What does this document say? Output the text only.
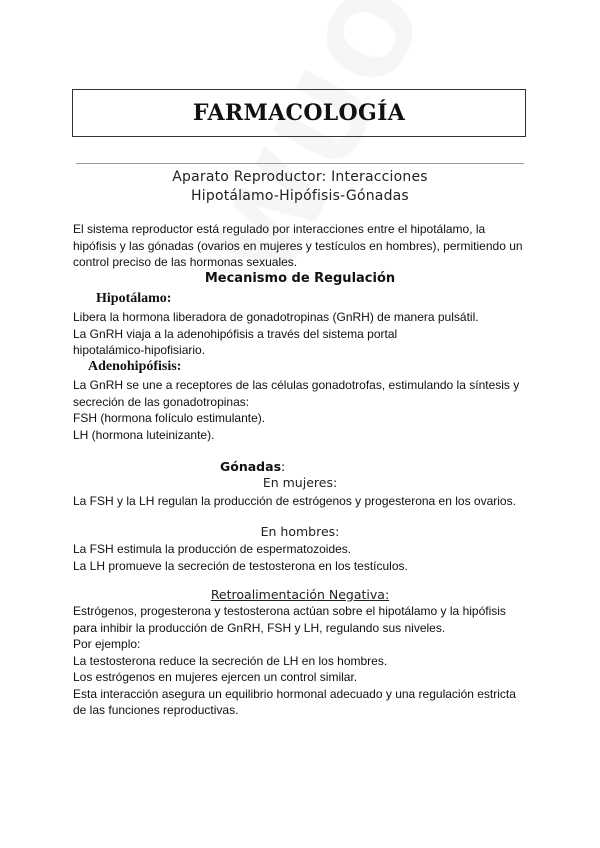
FARMACOLOGÍA
Aparato Reproductor: Interacciones
Hipotálamo-Hipófisis-Gónadas
El sistema reproductor está regulado por interacciones entre el hipotálamo, la
hipófisis y las gónadas (ovarios en mujeres y testículos en hombres), permitiendo un
control preciso de las hormonas sexuales.
Mecanismo de Regulación
Hipotálamo:
Libera la hormona liberadora de gonadotropinas (GnRH) de manera pulsátil.
La GnRH viaja a la adenohipófisis a través del sistema portal
hipotalámico-hipofisiario.
Adenohipófisis:
La GnRH se une a receptores de las células gonadotrofas, estimulando la síntesis y
secreción de las gonadotropinas:
FSH (hormona folículo estimulante).
LH (hormona luteinizante).
Gónadas:
En mujeres:
La FSH y la LH regulan la producción de estrógenos y progesterona en los ovarios.
En hombres:
La FSH estimula la producción de espermatozoides.
La LH promueve la secreción de testosterona en los testículos.
Retroalimentación Negativa:
Estrógenos, progesterona y testosterona actúan sobre el hipotálamo y la hipófisis
para inhibir la producción de GnRH, FSH y LH, regulando sus niveles.
Por ejemplo:
La testosterona reduce la secreción de LH en los hombres.
Los estrógenos en mujeres ejercen un control similar.
Esta interacción asegura un equilibrio hormonal adecuado y una regulación estricta
de las funciones reproductivas.
